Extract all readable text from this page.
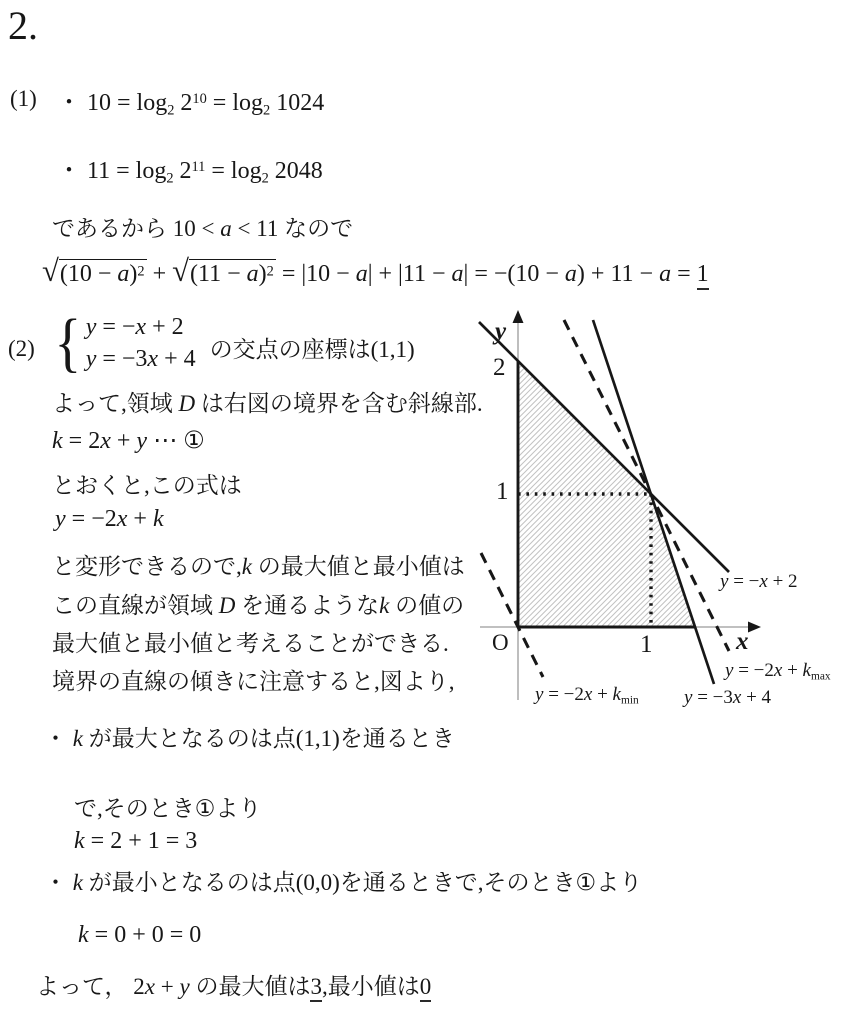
2.
(1) ・ 10 = log2 $2^{10} = \log 2$ 1024
・ 11 = log2 $2^{11} = \log 2$ 2048
であるから 10 < a < 11 なので
$√(10 - a)^2 + √(11 - a)^2 = |10 - a| + |11 - a| = -(10 - a) + 11 - a = 1$
(2) { y = −x + 2
y = −3x + 4 の交点の座標は(1,1)
よって,領域 D は右図の境界を含む斜線部.
k = 2x + y ⋯ ①
とおくと,この式は
y = −2x + k
と変形できるので,k の最大値と最小値は
この直線が領域 D を通るようなk の値の
最大値と最小値と考えることができる.
境界の直線の傾きに注意すると,図より,
・ k が最大となるのは点(1,1)を通るとき
で,そのとき①より
k = 2 + 1 = 3
・ k が最小となるのは点(0,0)を通るときで,そのとき①より
k = 0 + 0 = 0
よって， 2x + y の最大値は3,最小値は0
y
2
1
O	1	x
y = −x + 2
y = −2x + kmax
y = −3x + 4
y = −2x + kmin
